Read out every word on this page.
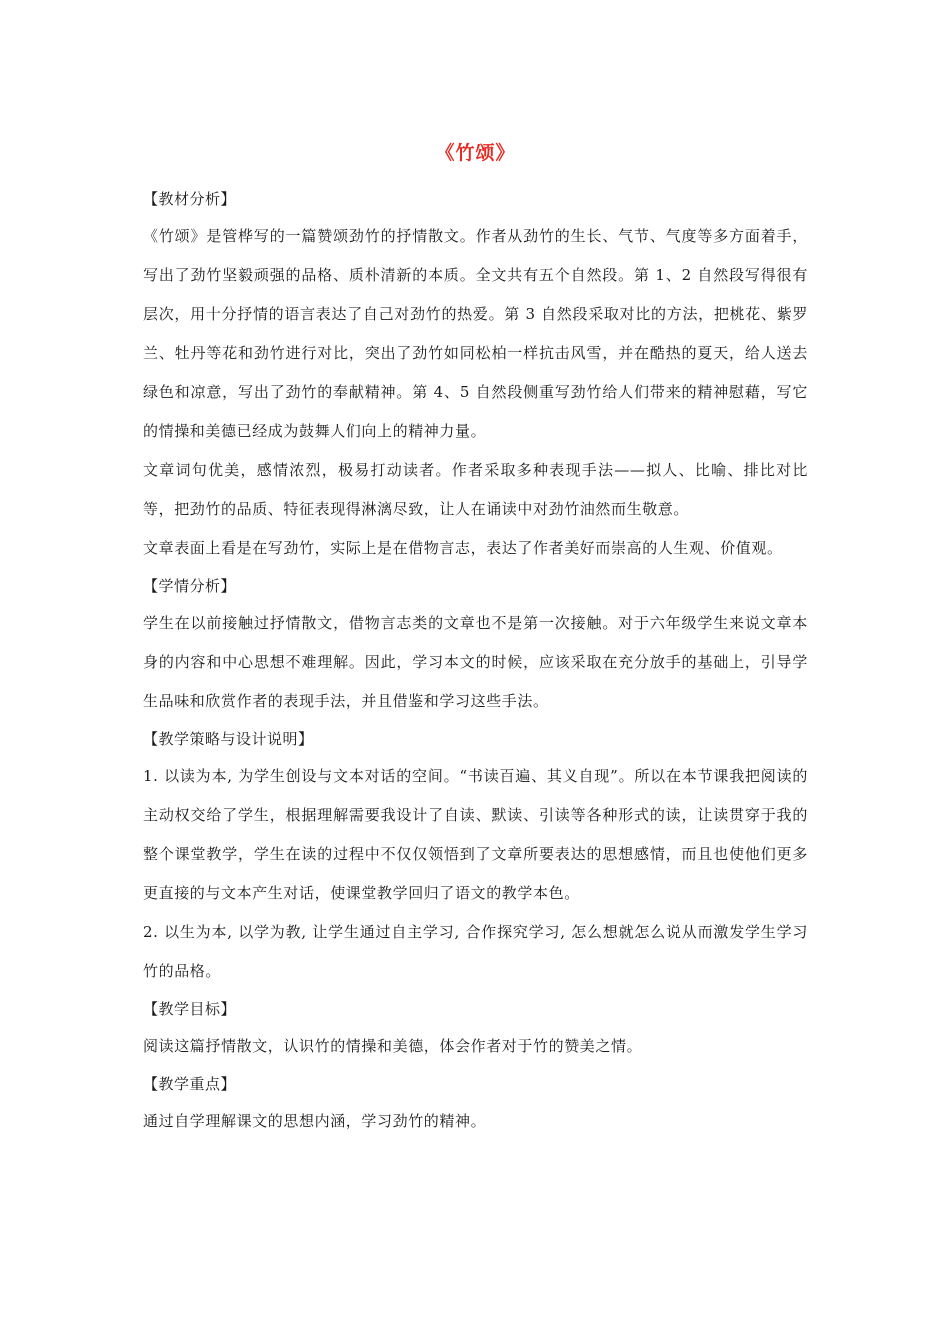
《竹颂》
【教材分析】

《竹颂》是管桦写的一篇赞颂劲竹的抒情散文。作者从劲竹的生长、气节、气度等多方面着手，写出了劲竹坚毅顽强的品格、质朴清新的本质。全文共有五个自然段。第 1、2 自然段写得很有层次，用十分抒情的语言表达了自己对劲竹的热爱。第 3 自然段采取对比的方法，把桃花、紫罗兰、牡丹等花和劲竹进行对比，突出了劲竹如同松柏一样抗击风雪，并在酷热的夏天，给人送去绿色和凉意，写出了劲竹的奉献精神。第 4、5 自然段侧重写劲竹给人们带来的精神慰藉，写它的情操和美德已经成为鼓舞人们向上的精神力量。

文章词句优美，感情浓烈，极易打动读者。作者采取多种表现手法——拟人、比喻、排比对比等，把劲竹的品质、特征表现得淋漓尽致，让人在诵读中对劲竹油然而生敬意。

文章表面上看是在写劲竹，实际上是在借物言志，表达了作者美好而崇高的人生观、价值观。

【学情分析】

学生在以前接触过抒情散文，借物言志类的文章也不是第一次接触。对于六年级学生来说文章本身的内容和中心思想不难理解。因此，学习本文的时候，应该采取在充分放手的基础上，引导学生品味和欣赏作者的表现手法，并且借鉴和学习这些手法。

【教学策略与设计说明】

1. 以读为本, 为学生创设与文本对话的空间。“书读百遍、其义自现”。所以在本节课我把阅读的主动权交给了学生，根据理解需要我设计了自读、默读、引读等各种形式的读，让读贯穿于我的整个课堂教学，学生在读的过程中不仅仅领悟到了文章所要表达的思想感情，而且也使他们更多更直接的与文本产生对话，使课堂教学回归了语文的教学本色。

2. 以生为本, 以学为教, 让学生通过自主学习, 合作探究学习, 怎么想就怎么说从而激发学生学习竹的品格。

【教学目标】

阅读这篇抒情散文，认识竹的情操和美德，体会作者对于竹的赞美之情。

【教学重点】

通过自学理解课文的思想内涵，学习劲竹的精神。
